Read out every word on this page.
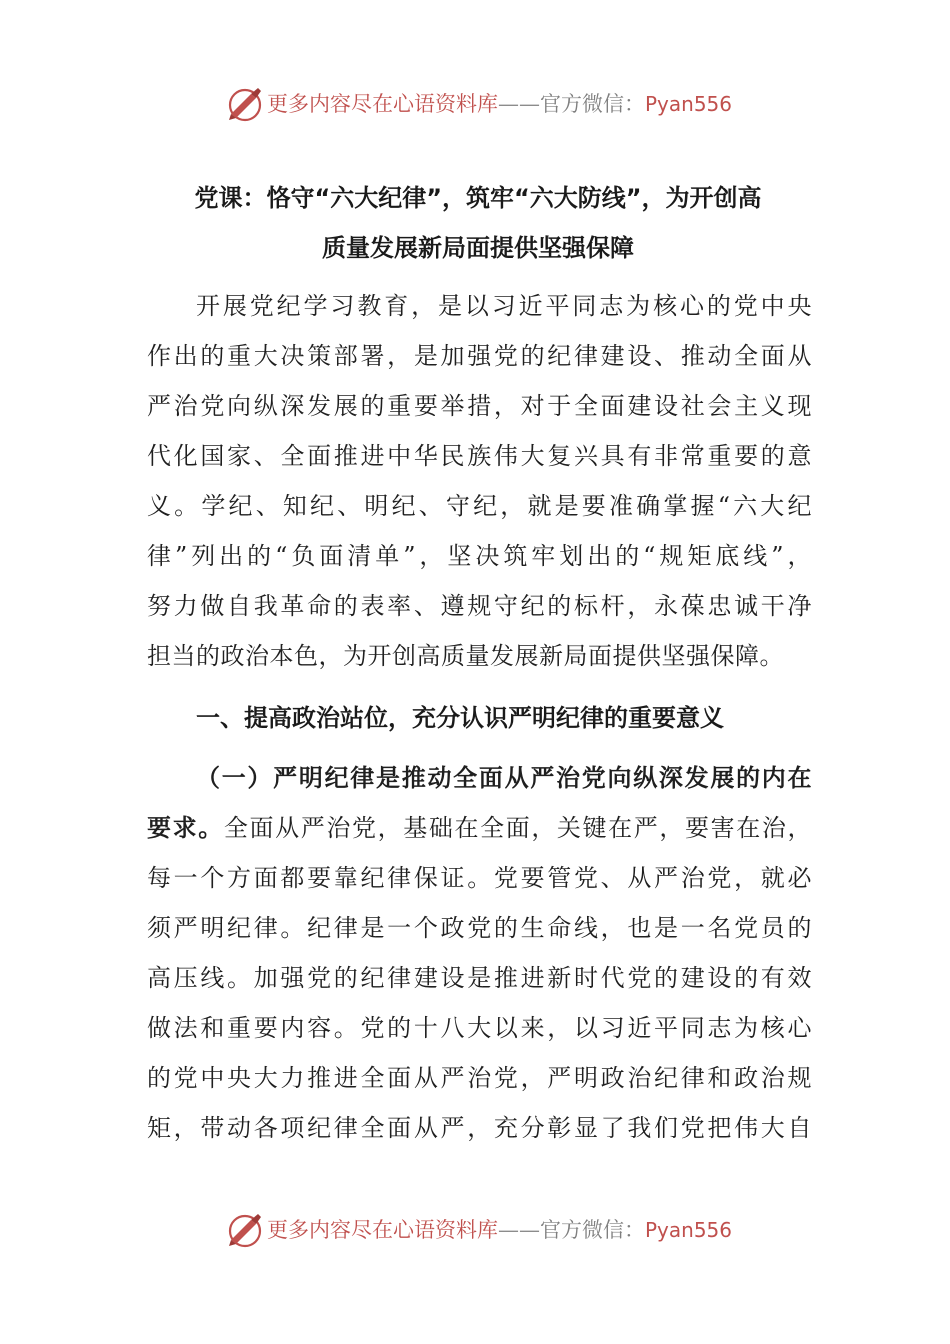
更多内容尽在心语资料库——官方微信：Pyan556
党课：恪守“六大纪律”，筑牢“六大防线”，为开创高
质量发展新局面提供坚强保障
开展党纪学习教育，是以习近平同志为核心的党中央
作出的重大决策部署，是加强党的纪律建设、推动全面从
严治党向纵深发展的重要举措，对于全面建设社会主义现
代化国家、全面推进中华民族伟大复兴具有非常重要的意
义。学纪、知纪、明纪、守纪，就是要准确掌握“六大纪
律”列出的“负面清单”，坚决筑牢划出的“规矩底线”，
努力做自我革命的表率、遵规守纪的标杆，永葆忠诚干净
担当的政治本色，为开创高质量发展新局面提供坚强保障。
一、提高政治站位，充分认识严明纪律的重要意义
（一）严明纪律是推动全面从严治党向纵深发展的内在
要求。全面从严治党，基础在全面，关键在严，要害在治，
每一个方面都要靠纪律保证。党要管党、从严治党，就必
须严明纪律。纪律是一个政党的生命线，也是一名党员的
高压线。加强党的纪律建设是推进新时代党的建设的有效
做法和重要内容。党的十八大以来，以习近平同志为核心
的党中央大力推进全面从严治党，严明政治纪律和政治规
矩，带动各项纪律全面从严，充分彰显了我们党把伟大自
更多内容尽在心语资料库——官方微信：Pyan556
